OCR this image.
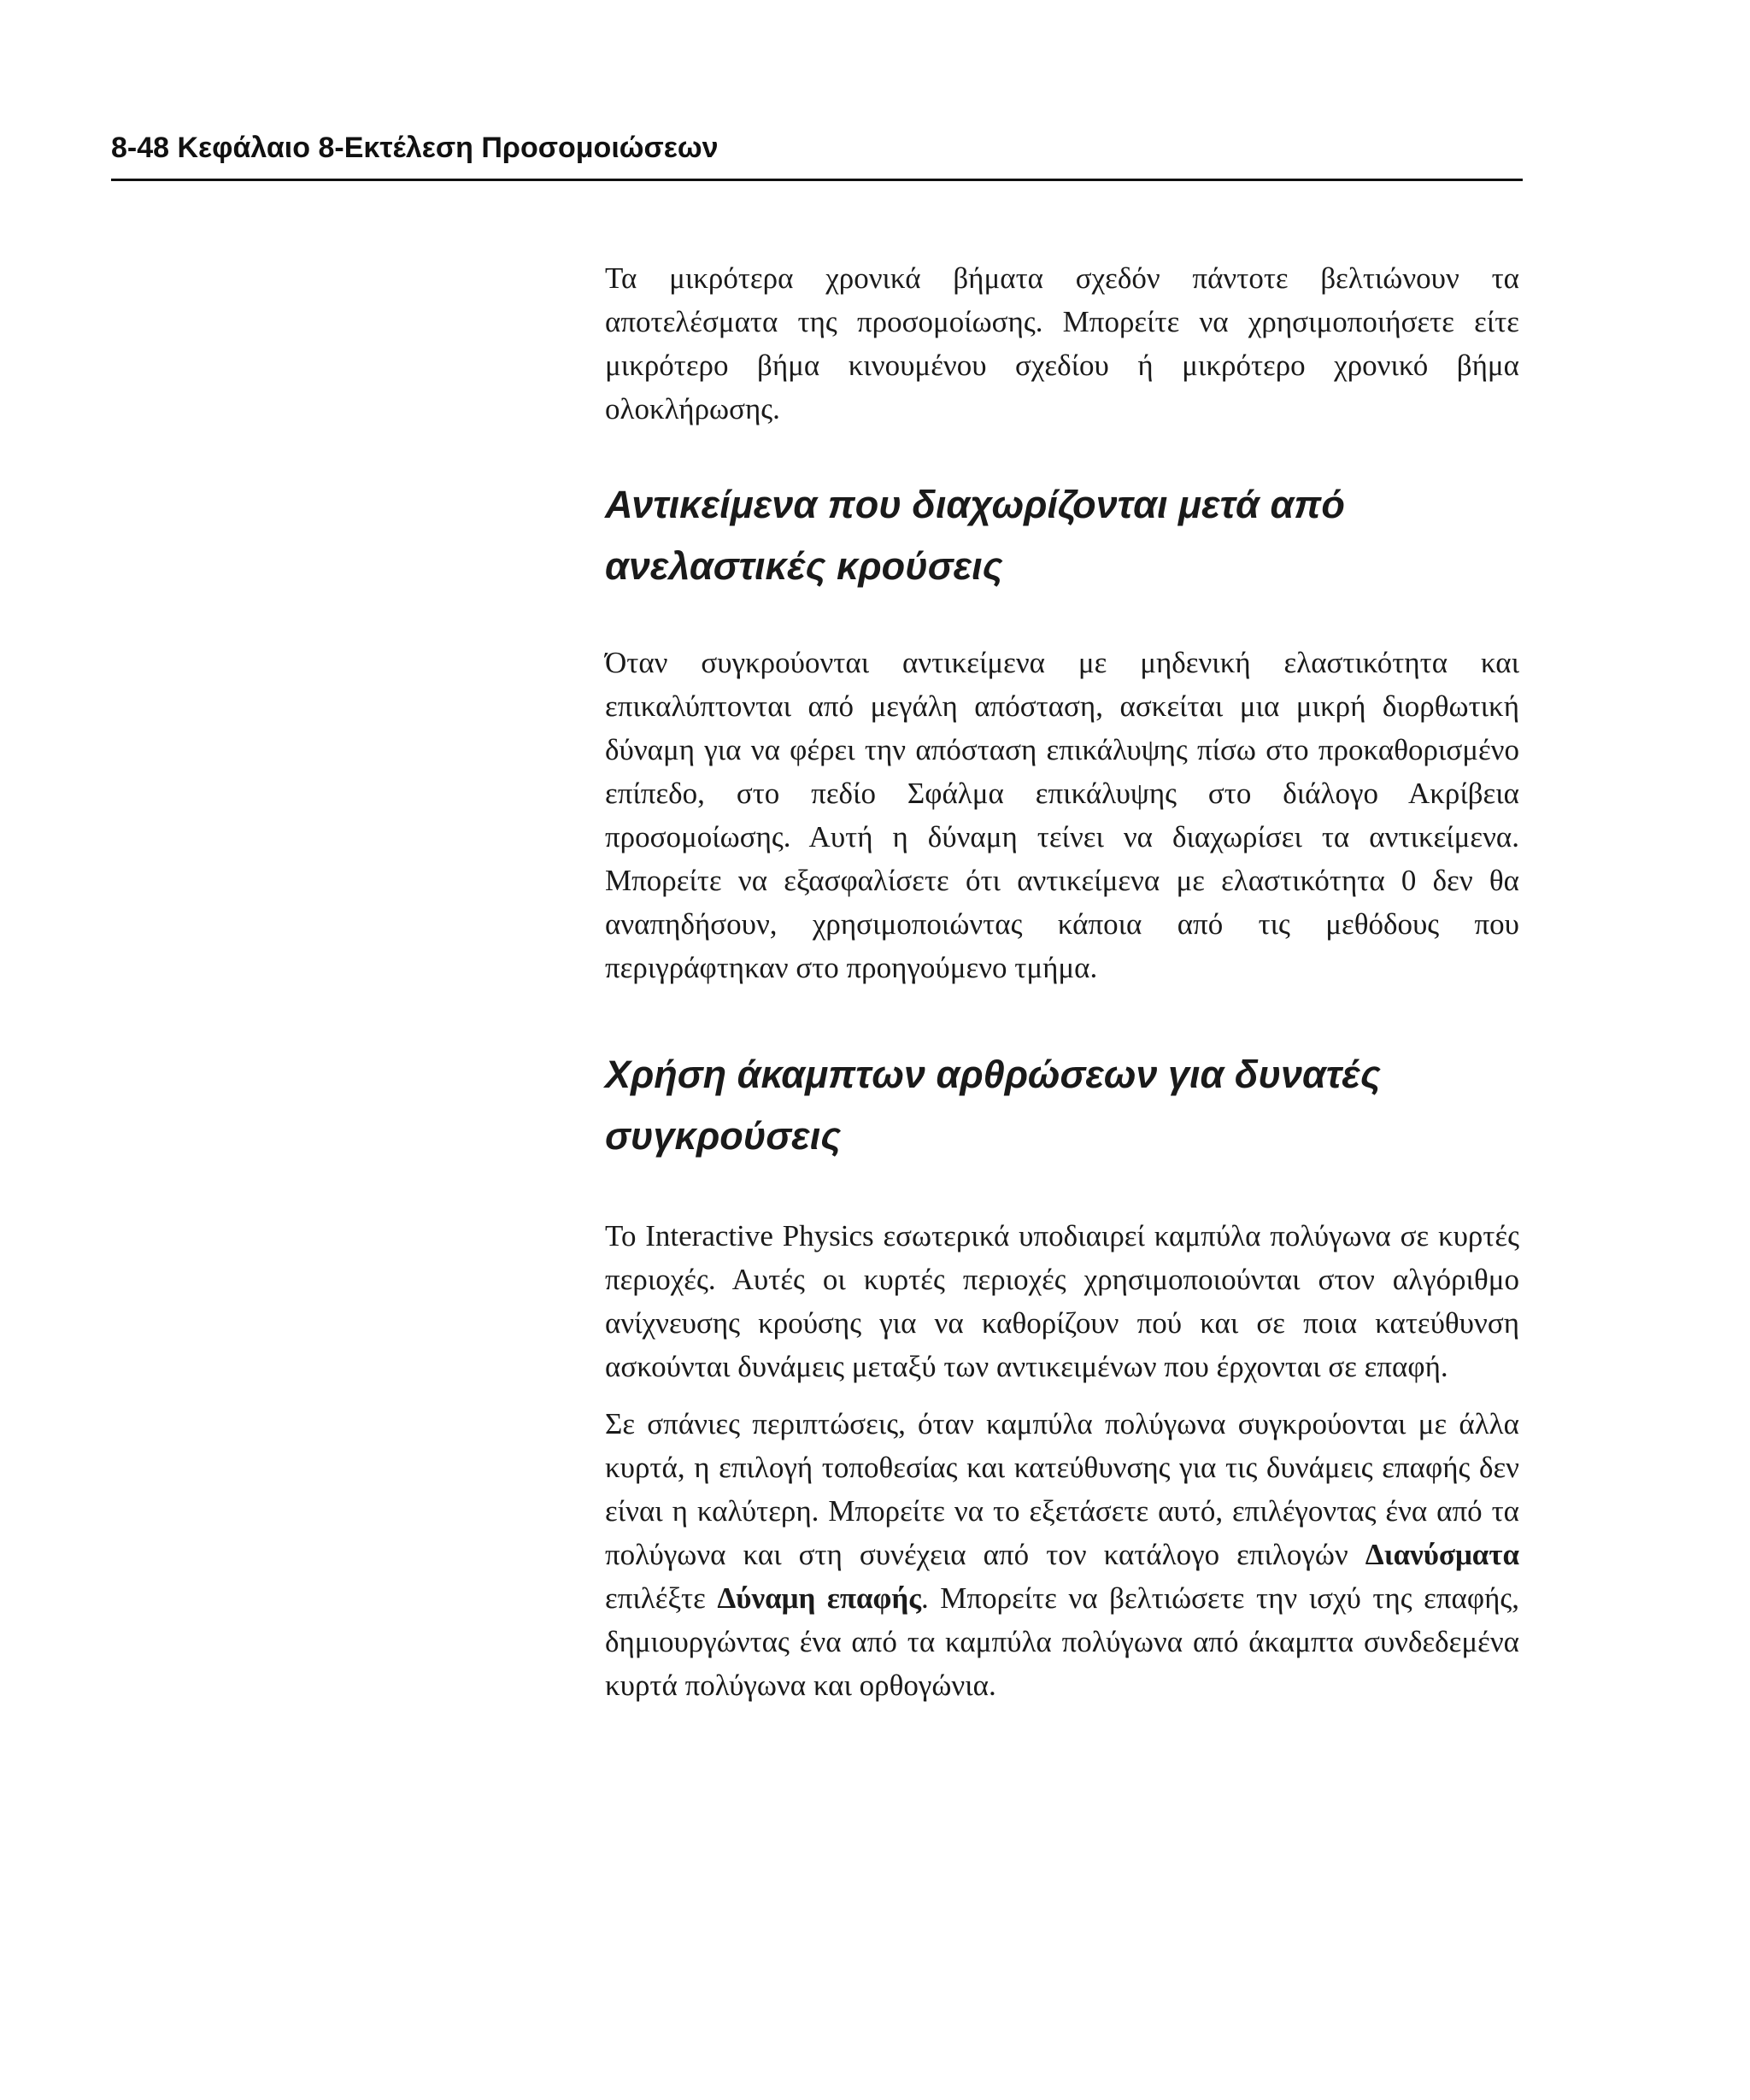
8-48 Κεφάλαιο 8-Εκτέλεση Προσομοιώσεων

Τα μικρότερα χρονικά βήματα σχεδόν πάντοτε βελτιώνουν τα αποτελέσματα της προσομοίωσης. Μπορείτε να χρησιμοποιήσετε είτε μικρότερο βήμα κινουμένου σχεδίου ή μικρότερο χρονικό βήμα ολοκλήρωσης.

Αντικείμενα που διαχωρίζονται μετά από
ανελαστικές κρούσεις

Όταν συγκρούονται αντικείμενα με μηδενική ελαστικότητα και επικαλύπτονται από μεγάλη απόσταση, ασκείται μια μικρή διορθωτική δύναμη για να φέρει την απόσταση επικάλυψης πίσω στο προκαθορισμένο επίπεδο, στο πεδίο Σφάλμα επικάλυψης στο διάλογο Ακρίβεια προσομοίωσης. Αυτή η δύναμη τείνει να διαχωρίσει τα αντικείμενα. Μπορείτε να εξασφαλίσετε ότι αντικείμενα με ελαστικότητα 0 δεν θα αναπηδήσουν, χρησιμοποιώντας κάποια από τις μεθόδους που περιγράφτηκαν στο προηγούμενο τμήμα.

Χρήση άκαμπτων αρθρώσεων για δυνατές
συγκρούσεις

Το Interactive Physics εσωτερικά υποδιαιρεί καμπύλα πολύγωνα σε κυρτές περιοχές. Αυτές οι κυρτές περιοχές χρησιμοποιούνται στον αλγόριθμο ανίχνευσης κρούσης για να καθορίζουν πού και σε ποια κατεύθυνση ασκούνται δυνάμεις μεταξύ των αντικειμένων που έρχονται σε επαφή.

Σε σπάνιες περιπτώσεις, όταν καμπύλα πολύγωνα συγκρούονται με άλλα κυρτά, η επιλογή τοποθεσίας και κατεύθυνσης για τις δυνάμεις επαφής δεν είναι η καλύτερη. Μπορείτε να το εξετάσετε αυτό, επιλέγοντας ένα από τα πολύγωνα και στη συνέχεια από τον κατάλογο επιλογών Διανύσματα επιλέξτε Δύναμη επαφής. Μπορείτε να βελτιώσετε την ισχύ της επαφής, δημιουργώντας ένα από τα καμπύλα πολύγωνα από άκαμπτα συνδεδεμένα κυρτά πολύγωνα και ορθογώνια.
